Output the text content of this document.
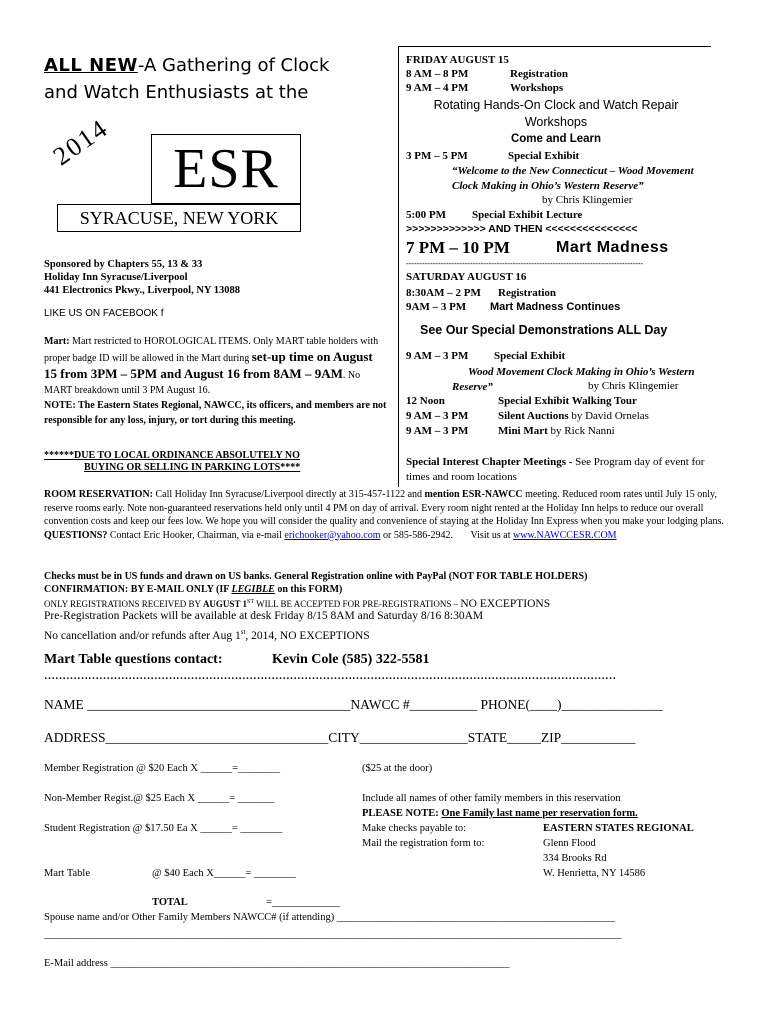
ALL NEW-A Gathering of Clock
and Watch Enthusiasts at the
2014	ESR
SYRACUSE, NEW YORK
Sponsored by Chapters 55, 13 & 33
Holiday Inn Syracuse/Liverpool
441 Electronics Pkwy., Liverpool, NY 13088
LIKE US ON FACEBOOK f
Mart: Mart restricted to HOROLOGICAL ITEMS. Only MART table holders with proper badge ID will be allowed in the Mart during set-up time on August 15 from 3PM – 5PM and August 16 from 8AM – 9AM. No MART breakdown until 3 PM August 16.
NOTE: The Eastern States Regional, NAWCC, its officers, and members are not responsible for any loss, injury, or tort during this meeting.
******DUE TO LOCAL ORDINANCE ABSOLUTELY NO
BUYING OR SELLING IN PARKING LOTS****
FRIDAY AUGUST 15
8 AM – 8 PM	Registration
9 AM – 4 PM	Workshops
Rotating Hands-On Clock and Watch Repair Workshops
Come and Learn
3 PM – 5 PM	Special Exhibit
“Welcome to the New Connecticut – Wood Movement Clock Making in Ohio’s Western Reserve”
by Chris Klingemier
5:00 PM Special Exhibit Lecture
>>>>>>>>>>>>> AND THEN <<<<<<<<<<<<<<<
7 PM – 10 PM	Mart Madness
-----------------------------------------------------------------------------------------
SATURDAY AUGUST 16
8:30AM – 2 PM Registration
9AM – 3 PM Mart Madness Continues
See Our Special Demonstrations ALL Day
9 AM – 3 PM Special Exhibit
Wood Movement Clock Making in Ohio’s Western Reserve”	by Chris Klingemier
12 Noon	Special Exhibit Walking Tour
9 AM – 3 PM	Silent Auctions by David Ornelas
9 AM – 3 PM	Mini Mart by Rick Nanni
Special Interest Chapter Meetings - See Program day of event for times and room locations
ROOM RESERVATION: Call Holiday Inn Syracuse/Liverpool directly at 315-457-1122 and mention ESR-NAWCC meeting. Reduced room rates until July 15 only, reserve rooms early. Note non-guaranteed reservations held only until 4 PM on day of arrival. Every room night rented at the Holiday Inn helps to reduce our overall convention costs and keep our fees low. We hope you will consider the quality and convenience of staying at the Holiday Inn Express when you make your lodging plans.
QUESTIONS? Contact Eric Hooker, Chairman, via e-mail erichooker@yahoo.com or 585-586-2942. Visit us at www.NAWCCESR.COM
Checks must be in US funds and drawn on US banks. General Registration online with PayPal (NOT FOR TABLE HOLDERS)
CONFIRMATION: BY E-MAIL ONLY (IF LEGIBLE on this FORM)
ONLY REGISTRATIONS RECEIVED BY AUGUST 1ST WILL BE ACCEPTED FOR PRE-REGISTRATIONS – NO EXCEPTIONS
Pre-Registration Packets will be available at desk Friday 8/15 8AM and Saturday 8/16 8:30AM
No cancellation and/or refunds after Aug 1st, 2014, NO EXCEPTIONS
Mart Table questions contact:	Kevin Cole (585) 322-5581
…………………………………………………………………………………………………………………………………………
NAME _______________________________________NAWCC #__________ PHONE(____)_______________
ADDRESS_________________________________CITY________________STATE_____ZIP___________
Member Registration @ $20 Each X ______=________	($25 at the door)
Non-Member Regist.@ $25 Each X ______= _______	Include all names of other family members in this reservation
PLEASE NOTE: One Family last name per reservation form.
Student Registration @ $17.50 Ea X ______= ________	Make checks payable to:	EASTERN STATES REGIONAL
Mail the registration form to:	Glenn Flood
334 Brooks Rd
Mart Table	@ $40 Each X______= ________	W. Henrietta, NY 14586
TOTAL	=_____________
Spouse name and/or Other Family Members NAWCC# (if attending) _____________________________________________________
______________________________________________________________________________________________________________
E-Mail address ____________________________________________________________________________
